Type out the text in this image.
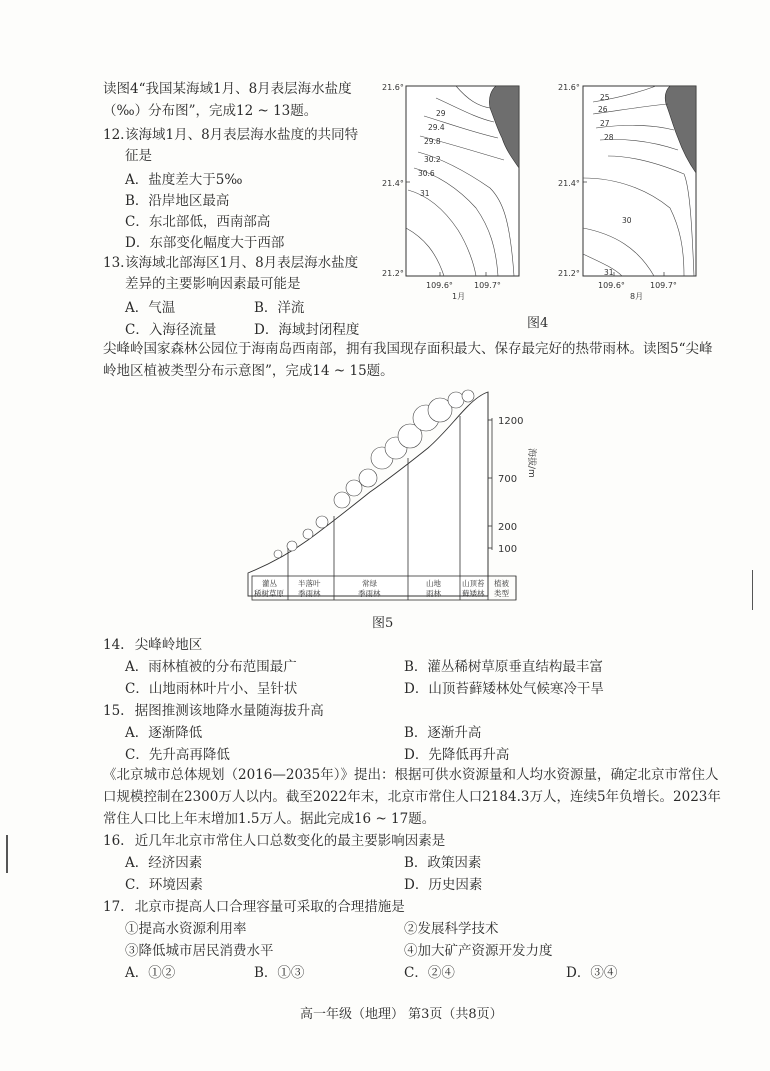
读图4“我国某海域1月、8月表层海水盐度（‰）分布图”，完成12 ~ 13题。
12. 该海域1月、8月表层海水盐度的共同特征是
A．盐度差大于5‰
B．沿岸地区最高
C．东北部低，西南部高
D．东部变化幅度大于西部
13. 该海域北部海区1月、8月表层海水盐度差异的主要影响因素最可能是
A．气温	B．洋流
C．入海径流量	D．海域封闭程度
29
29.4
29.8
30.2
30.6
31
21.6°
21.4°
21.2°
109.6°	109.7°
1月
25
26
27
28
30
31
21.6°
21.4°
21.2°
109.6°	109.7°
8月
图4
尖峰岭国家森林公园位于海南岛西南部，拥有我国现存面积最大、保存最完好的热带雨林。读图5“尖峰岭地区植被类型分布示意图”，完成14 ~ 15题。
灌丛
稀树草原
半落叶
季雨林
常绿
季雨林
山地
雨林
山顶苔
藓矮林
植被
类型
1200
700
200
100
海拔/m
图5
14. 尖峰岭地区
A．雨林植被的分布范围最广	B．灌丛稀树草原垂直结构最丰富
C．山地雨林叶片小、呈针状	D．山顶苔藓矮林处气候寒冷干旱
15. 据图推测该地降水量随海拔升高
A．逐渐降低	B．逐渐升高
C．先升高再降低	D．先降低再升高
《北京城市总体规划（2016—2035年）》提出：根据可供水资源量和人均水资源量，确定北京市常住人口规模控制在2300万人以内。截至2022年末，北京市常住人口2184.3万人，连续5年负增长。2023年常住人口比上年末增加1.5万人。据此完成16 ~ 17题。
16. 近几年北京市常住人口总数变化的最主要影响因素是
A．经济因素	B．政策因素
C．环境因素	D．历史因素
17. 北京市提高人口合理容量可采取的合理措施是
①提高水资源利用率	②发展科学技术
③降低城市居民消费水平	④加大矿产资源开发力度
A．①②	B．①③	C．②④	D．③④
高一年级（地理） 第3页（共8页）
